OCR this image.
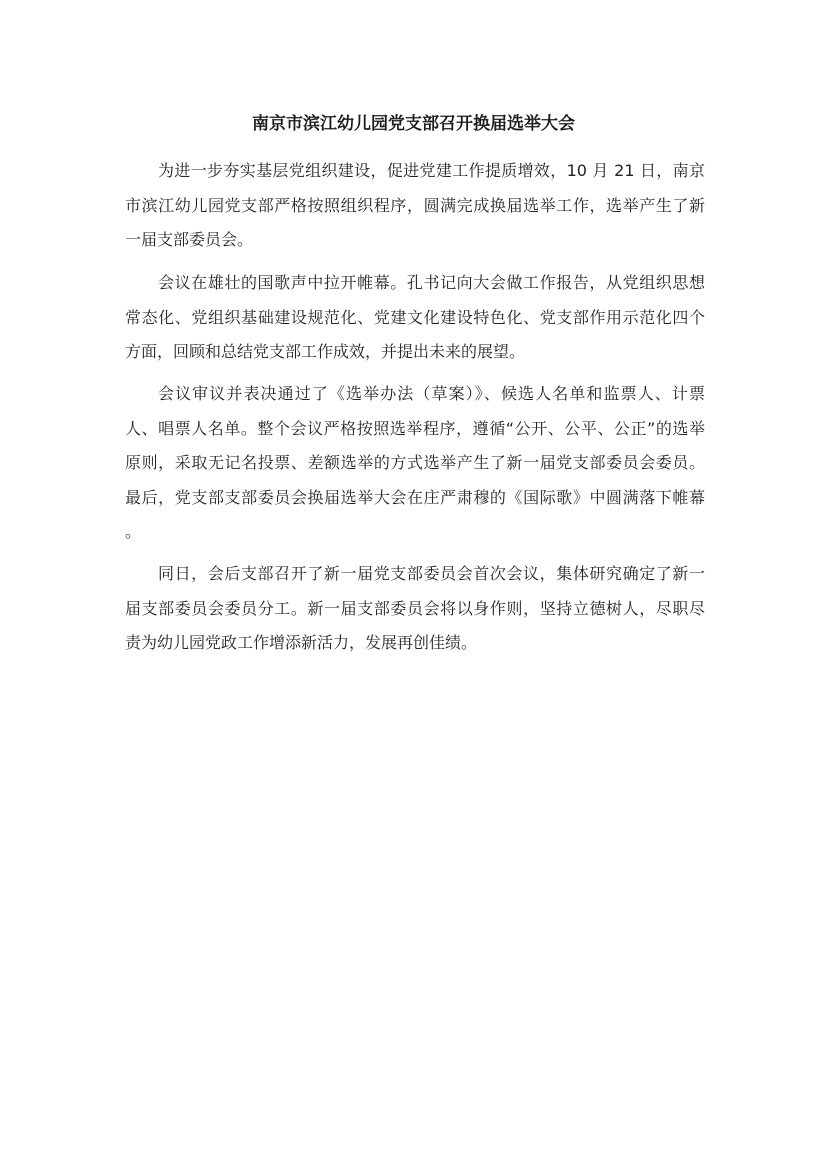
南京市滨江幼儿园党支部召开换届选举大会
为进一步夯实基层党组织建设，促进党建工作提质增效，10 月 21 日，南京
市滨江幼儿园党支部严格按照组织程序，圆满完成换届选举工作，选举产生了新
一届支部委员会。
会议在雄壮的国歌声中拉开帷幕。孔书记向大会做工作报告，从党组织思想
常态化、党组织基础建设规范化、党建文化建设特色化、党支部作用示范化四个
方面，回顾和总结党支部工作成效，并提出未来的展望。
会议审议并表决通过了《选举办法（草案）》、候选人名单和监票人、计票
人、唱票人名单。整个会议严格按照选举程序，遵循“公开、公平、公正”的选举
原则，采取无记名投票、差额选举的方式选举产生了新一届党支部委员会委员。
最后，党支部支部委员会换届选举大会在庄严肃穆的《国际歌》中圆满落下帷幕
。
同日，会后支部召开了新一届党支部委员会首次会议，集体研究确定了新一
届支部委员会委员分工。新一届支部委员会将以身作则，坚持立德树人，尽职尽
责为幼儿园党政工作增添新活力，发展再创佳绩。
